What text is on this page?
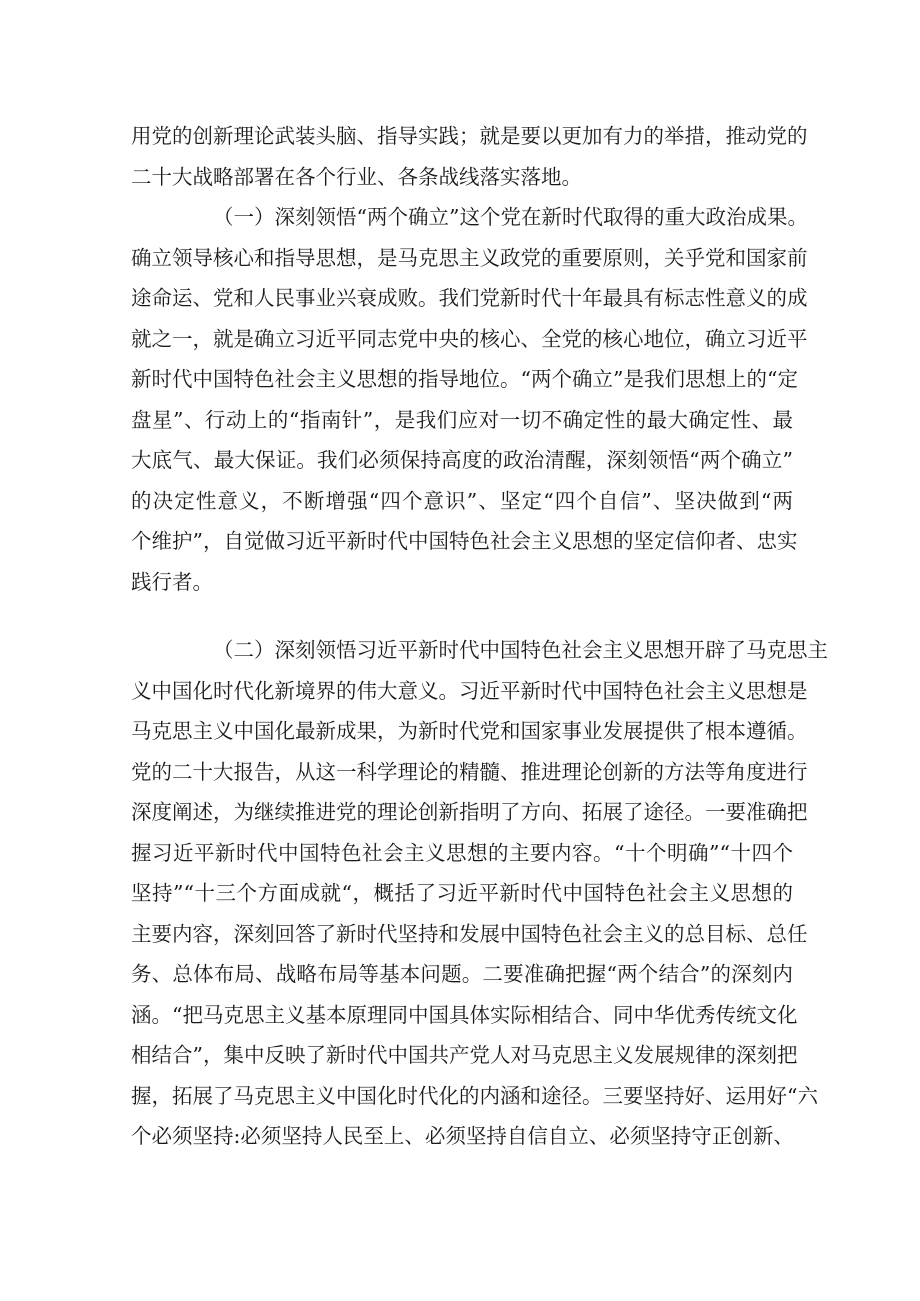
用党的创新理论武装头脑、指导实践；就是要以更加有力的举措，推动党的
二十大战略部署在各个行业、各条战线落实落地。
（一）深刻领悟“两个确立”这个党在新时代取得的重大政治成果。
确立领导核心和指导思想，是马克思主义政党的重要原则，关乎党和国家前
途命运、党和人民事业兴衰成败。我们党新时代十年最具有标志性意义的成
就之一，就是确立习近平同志党中央的核心、全党的核心地位，确立习近平
新时代中国特色社会主义思想的指导地位。“两个确立”是我们思想上的“定
盘星”、行动上的“指南针”，是我们应对一切不确定性的最大确定性、最
大底气、最大保证。我们必须保持高度的政治清醒，深刻领悟“两个确立”
的决定性意义，不断增强“四个意识”、坚定“四个自信”、坚决做到“两
个维护”，自觉做习近平新时代中国特色社会主义思想的坚定信仰者、忠实
践行者。
（二）深刻领悟习近平新时代中国特色社会主义思想开辟了马克思主
义中国化时代化新境界的伟大意义。习近平新时代中国特色社会主义思想是
马克思主义中国化最新成果，为新时代党和国家事业发展提供了根本遵循。
党的二十大报告，从这一科学理论的精髓、推进理论创新的方法等角度进行
深度阐述，为继续推进党的理论创新指明了方向、拓展了途径。一要准确把
握习近平新时代中国特色社会主义思想的主要内容。“十个明确”“十四个
坚持”“十三个方面成就“，概括了习近平新时代中国特色社会主义思想的
主要内容，深刻回答了新时代坚持和发展中国特色社会主义的总目标、总任
务、总体布局、战略布局等基本问题。二要准确把握“两个结合”的深刻内
涵。“把马克思主义基本原理同中国具体实际相结合、同中华优秀传统文化
相结合”，集中反映了新时代中国共产党人对马克思主义发展规律的深刻把
握，拓展了马克思主义中国化时代化的内涵和途径。三要坚持好、运用好“六
个必须坚持:必须坚持人民至上、必须坚持自信自立、必须坚持守正创新、
